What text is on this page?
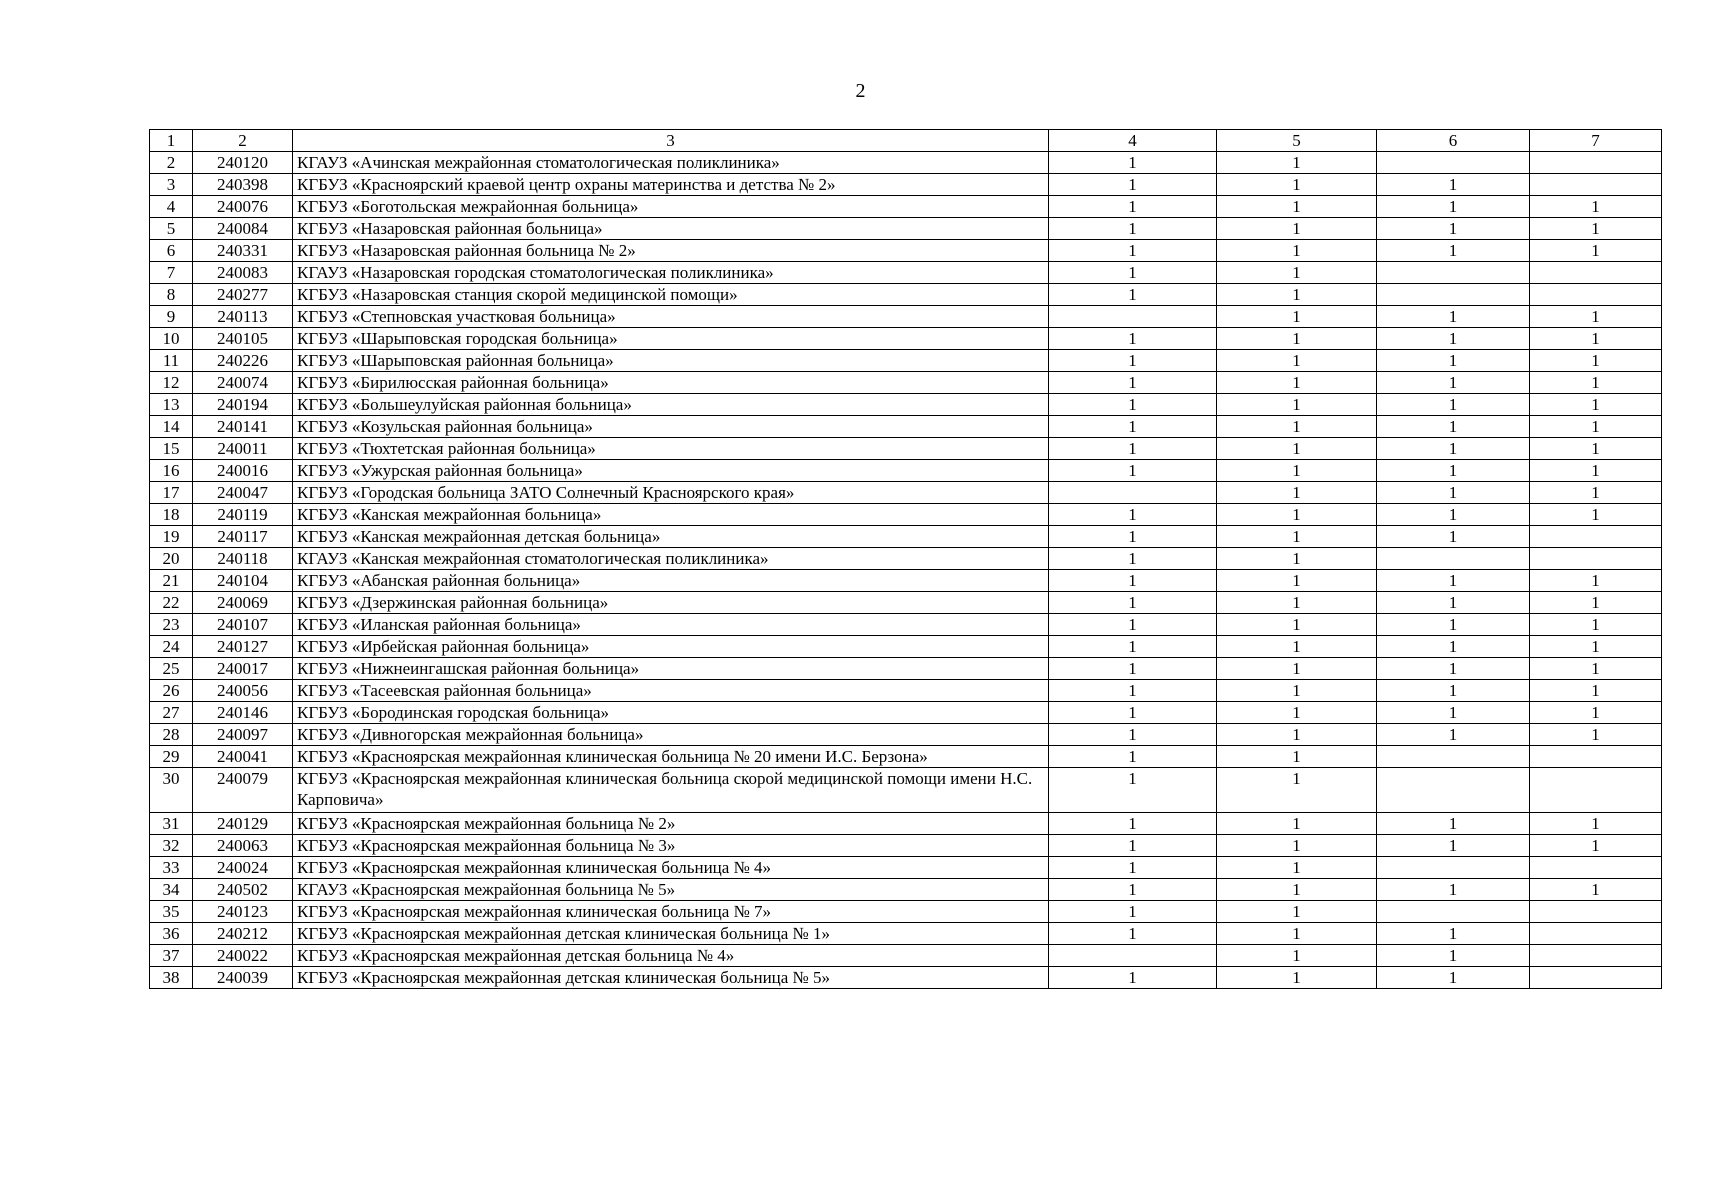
2
1	2	3	4	5	6	7
2	240120	КГАУЗ «Ачинская межрайонная стоматологическая поликлиника»	1	1		
3	240398	КГБУЗ «Красноярский краевой центр охраны материнства и детства № 2»	1	1	1	
4	240076	КГБУЗ «Боготольская межрайонная больница»	1	1	1	1
5	240084	КГБУЗ «Назаровская районная больница»	1	1	1	1
6	240331	КГБУЗ «Назаровская районная больница № 2»	1	1	1	1
7	240083	КГАУЗ «Назаровская городская стоматологическая поликлиника»	1	1		
8	240277	КГБУЗ «Назаровская станция скорой медицинской помощи»	1	1		
9	240113	КГБУЗ «Степновская участковая больница»		1	1	1
10	240105	КГБУЗ «Шарыповская городская больница»	1	1	1	1
11	240226	КГБУЗ «Шарыповская районная больница»	1	1	1	1
12	240074	КГБУЗ «Бирилюсская районная больница»	1	1	1	1
13	240194	КГБУЗ «Большеулуйская районная больница»	1	1	1	1
14	240141	КГБУЗ «Козульская районная больница»	1	1	1	1
15	240011	КГБУЗ «Тюхтетская районная больница»	1	1	1	1
16	240016	КГБУЗ «Ужурская районная больница»	1	1	1	1
17	240047	КГБУЗ «Городская больница ЗАТО Солнечный Красноярского края»		1	1	1
18	240119	КГБУЗ «Канская межрайонная больница»	1	1	1	1
19	240117	КГБУЗ «Канская межрайонная детская больница»	1	1	1	
20	240118	КГАУЗ «Канская межрайонная стоматологическая поликлиника»	1	1		
21	240104	КГБУЗ «Абанская районная больница»	1	1	1	1
22	240069	КГБУЗ «Дзержинская районная больница»	1	1	1	1
23	240107	КГБУЗ «Иланская районная больница»	1	1	1	1
24	240127	КГБУЗ «Ирбейская районная больница»	1	1	1	1
25	240017	КГБУЗ «Нижнеингашская районная больница»	1	1	1	1
26	240056	КГБУЗ «Тасеевская районная больница»	1	1	1	1
27	240146	КГБУЗ «Бородинская городская больница»	1	1	1	1
28	240097	КГБУЗ «Дивногорская межрайонная больница»	1	1	1	1
29	240041	КГБУЗ «Красноярская межрайонная клиническая больница № 20 имени И.С. Берзона»	1	1		
30	240079	КГБУЗ «Красноярская межрайонная клиническая больница скорой медицинской помощи имени Н.С. Карповича»	1	1		
31	240129	КГБУЗ «Красноярская межрайонная больница № 2»	1	1	1	1
32	240063	КГБУЗ «Красноярская межрайонная больница № 3»	1	1	1	1
33	240024	КГБУЗ «Красноярская межрайонная клиническая больница № 4»	1	1		
34	240502	КГАУЗ «Красноярская межрайонная больница № 5»	1	1	1	1
35	240123	КГБУЗ «Красноярская межрайонная клиническая больница № 7»	1	1		
36	240212	КГБУЗ «Красноярская межрайонная детская клиническая больница № 1»	1	1	1	
37	240022	КГБУЗ «Красноярская межрайонная детская больница № 4»		1	1	
38	240039	КГБУЗ «Красноярская межрайонная детская клиническая больница № 5»	1	1	1	
